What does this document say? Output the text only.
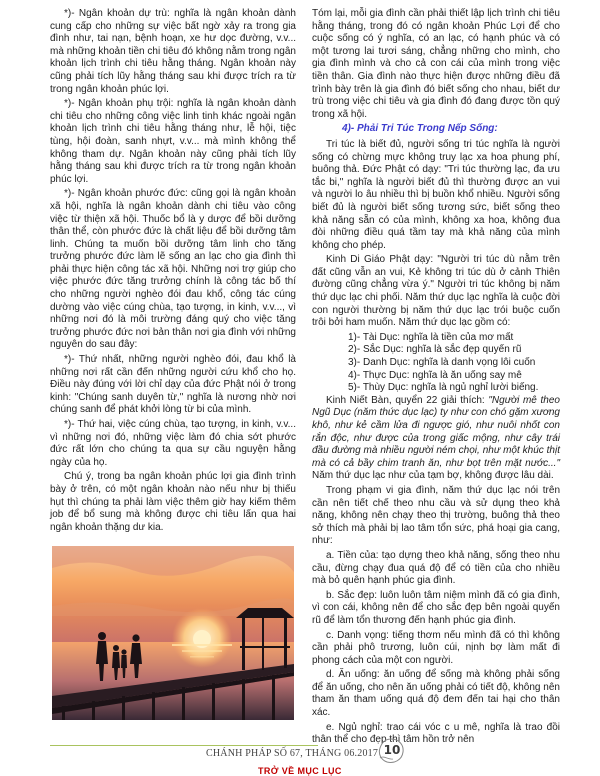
*)- Ngân khoản dự trù: nghĩa là ngân khoản dành cung cấp cho những sự việc bất ngờ xảy ra trong gia đình như, tai nạn, bệnh hoạn, xe hư dọc đường, v.v... mà những khoản tiền chi tiêu đó không nằm trong ngân khoản lịch trình chi tiêu hằng tháng. Ngân khoản này cũng phải tích lũy hằng tháng sau khi được trích ra từ trong ngân khoản phúc lợi.

*)- Ngân khoản phụ trội: nghĩa là ngân khoản dành chi tiêu cho những công việc linh tinh khác ngoài ngân khoản lịch trình chi tiêu hằng tháng như, lễ hội, tiệc tùng, hội đoàn, sanh nhựt, v.v... mà mình không thể không tham dự. Ngân khoản này cũng phải tích lũy hằng tháng sau khi được trích ra từ trong ngân khoản phúc lợi.

*)- Ngân khoản phước đức: cũng gọi là ngân khoản xã hội, nghĩa là ngân khoản dành chi tiêu vào công việc từ thiện xã hội. Thuốc bổ là y dược để bồi dưỡng thân thể, còn phước đức là chất liệu để bồi dưỡng tâm linh. Chúng ta muốn bồi dưỡng tâm linh cho tăng trưởng phước đức làm lẽ sống an lạc cho gia đình thì phải thực hiện công tác xã hội. Những nơi trợ giúp cho việc phước đức tăng trưởng chính là công tác bố thí cho những người nghèo đói đau khổ, công tác cúng dường vào việc cúng chùa, tạo tượng, in kinh, v.v..., vì những nơi đó là môi trường đáng quý cho việc tăng trưởng phước đức nơi bản thân nơi gia đình với những nguyên do sau đây:

*)- Thứ nhất, những người nghèo đói, đau khổ là những nơi rất cần đến những người cứu khổ cho họ. Điều này đúng với lời chỉ dạy của đức Phật nói ở trong kinh: "Chúng sanh duyên từ," nghĩa là nương nhờ nơi chúng sanh để phát khởi lòng từ bi của mình.

*)- Thứ hai, việc cúng chùa, tạo tượng, in kinh, v.v... vì những nơi đó, những việc làm đó chia sớt phước đức rất lớn cho chúng ta qua sự cầu nguyện hằng ngày của họ.

Chú ý, trong ba ngân khoản phúc lợi gia đình trình bày ở trên, có một ngân khoản nào nếu như bị thiếu hụt thì chúng ta phải làm việc thêm giờ hay kiếm thêm job để bổ sung mà không được chi tiêu lấn qua hai ngân khoản thặng dư kia.

Tóm lại, mỗi gia đình cần phải thiết lập lịch trình chi tiêu hằng tháng, trong đó có ngân khoản Phúc Lợi để cho cuộc sống có ý nghĩa, có an lạc, có hạnh phúc và có một tương lai tươi sáng, chẳng những cho mình, cho gia đình mình và cho cả con cái của mình trong việc tiền thân. Gia đình nào thực hiện được những điều đã trình bày trên là gia đình đó biết sống cho nhau, biết dư trù trong việc chi tiêu và gia đình đó đang được tồn quý trong xã hội.

4)- Phải Tri Túc Trong Nếp Sống:

Tri túc là biết đủ, người sống tri túc nghĩa là người sống có chừng mực không truy lạc xa hoa phung phí, buông thả. Đức Phật có dạy: "Tri túc thường lạc, đa ưu tắc bi," nghĩa là người biết đủ thì thường được an vui và người lo âu nhiều thì bị buồn khổ nhiều. Người sống biết đủ là người biết sống tương sức, biết sống theo khả năng sẵn có của mình, không xa hoa, không đua đòi những điều quá tầm tay mà khả năng của mình không cho phép.

Kinh Di Giáo Phật dạy: "Người tri túc dù nằm trên đất cũng vẫn an vui, Kẻ không tri túc dù ở cảnh Thiên đường cũng chẳng vừa ý." Người tri túc không bị năm thứ dục lạc chi phối. Năm thứ dục lạc nghĩa là cuộc đời con người thường bị năm thứ dục lạc trói buộc cuốn trôi bởi ham muốn. Năm thứ dục lạc gồm có:

1)- Tài Dục: nghĩa là tiền của mơ mất
2)- Sắc Dục: nghĩa là sắc đẹp quyến rũ
3)- Danh Dục: nghĩa là danh vọng lôi cuốn
4)- Thực Dục: nghĩa là ăn uống say mê
5)- Thùy Dục: nghĩa là ngủ nghỉ lười biếng.

Kinh Niết Bàn, quyển 22 giải thích: "Người mê theo Ngũ Dục (năm thức dục lạc) ty như con chó gặm xương khô, như kẻ cầm lửa đi ngược gió, như nuôi nhốt con rắn độc, như được của trong giấc mộng, như cây trái đầu đường mà nhiều người ném chọi, như một khúc thịt mà có cả bầy chim tranh ăn, như bọt trên mặt nước..." Năm thứ dục lạc như của tạm bợ, không được lâu dài.

Trong phạm vi gia đình, năm thứ dục lạc nói trên cần nên tiết chế theo nhu cầu và sử dụng theo khả năng, không nên chạy theo thị trường, buông thả theo sở thích mà phải bị lao tâm tổn sức, phá hoại gia cang, như:

a. Tiền của: tạo dựng theo khả năng, sống theo nhu cầu, đừng chạy đua quá độ để có tiền của cho nhiều mà bỏ quên hạnh phúc gia đình.

b. Sắc đẹp: luôn luôn tâm niệm mình đã có gia đình, vì con cái, không nên để cho sắc đẹp bên ngoài quyến rũ để làm tổn thương đến hạnh phúc gia đình.

c. Danh vọng: tiếng thơm nếu mình đã có thì không cần phải phô trương, luôn cúi, nịnh bợ làm mất đi phong cách của một con người.

d. Ăn uống: ăn uống để sống mà không phải sống để ăn uống, cho nên ăn uống phải có tiết độ, không nên tham ăn tham uống quá độ đem đến tai hại cho thân xác.

e. Ngủ nghỉ: trao cái vóc c u mê, nghĩa là trao đồi thân thể cho đẹp thì tâm hồn trở nên

CHÁNH PHÁP SỐ 67, THÁNG 06.2017 10
TRỞ VỀ MỤC LỤC
